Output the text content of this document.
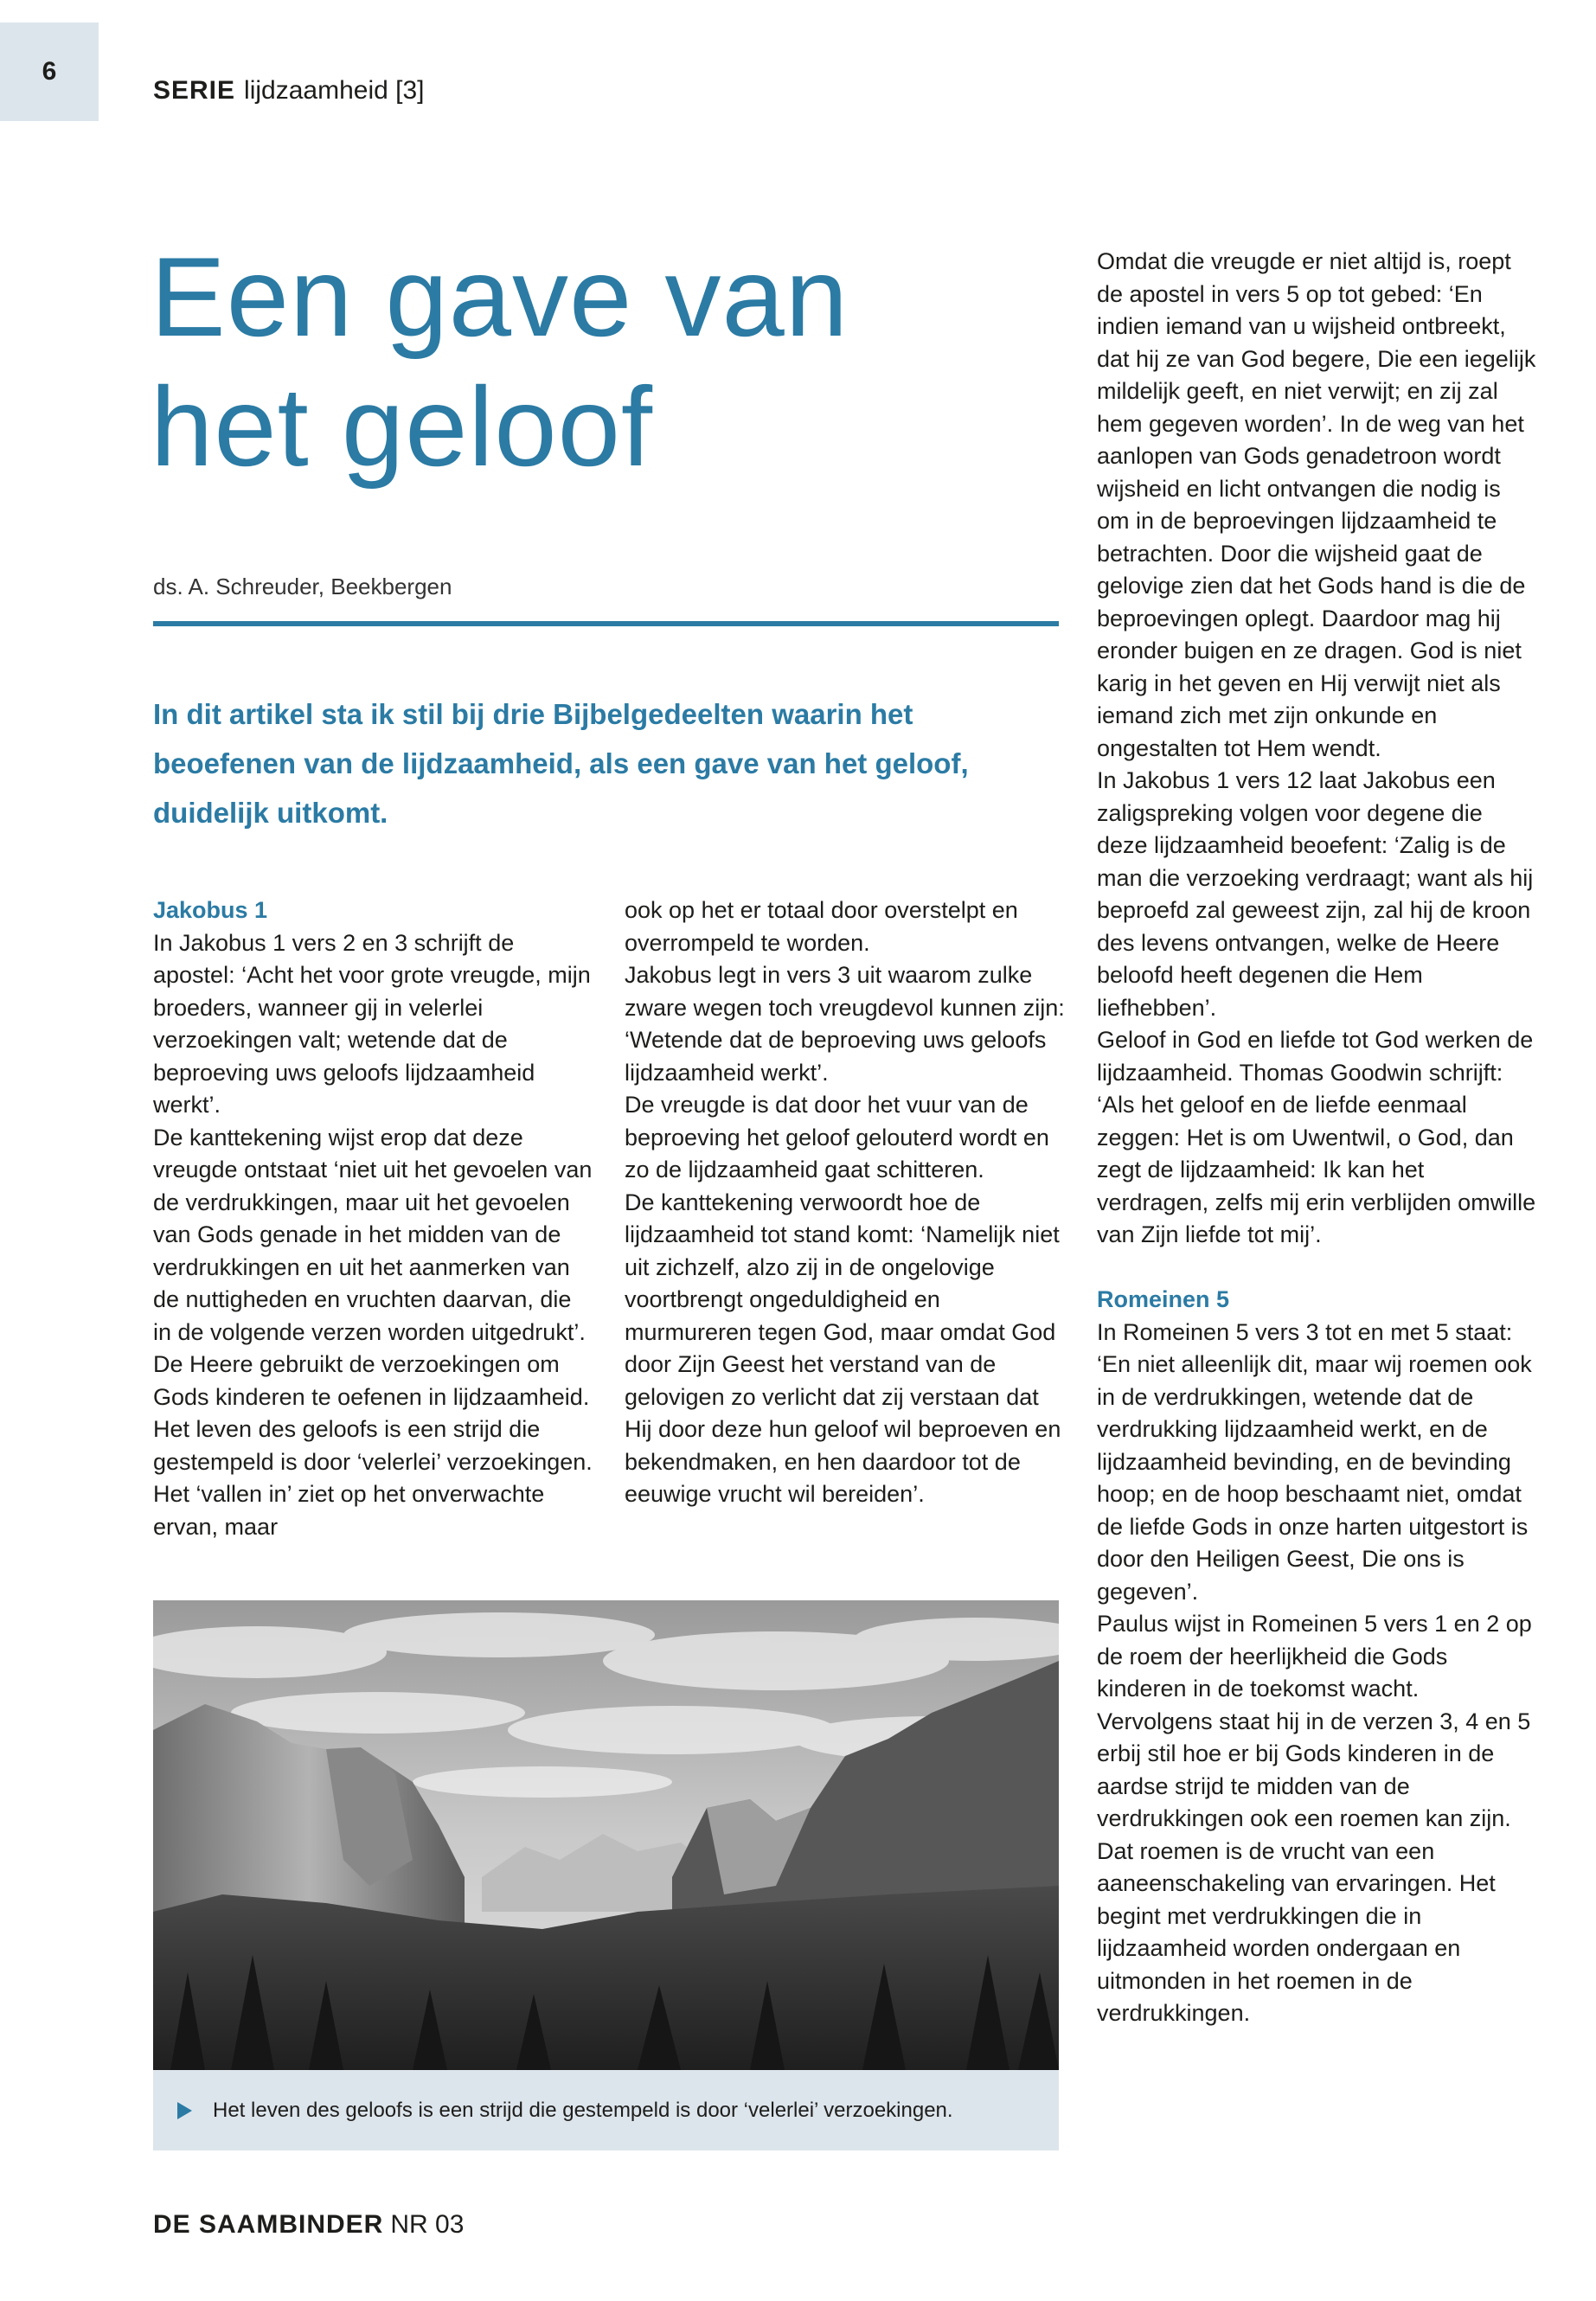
6
SERIE lijdzaamheid [3]
Een gave van
het geloof
ds. A. Schreuder, Beekbergen

In dit artikel sta ik stil bij drie Bijbelgedeelten waarin het beoefenen van de lijdzaamheid, als een gave van het geloof, duidelijk uitkomt.

Jakobus 1

In Jakobus 1 vers 2 en 3 schrijft de apostel: ‘Acht het voor grote vreugde, mijn broeders, wanneer gij in velerlei verzoekingen valt; wetende dat de beproeving uws geloofs lijdzaamheid werkt’.

De kanttekening wijst erop dat deze vreugde ontstaat ‘niet uit het gevoelen van de verdrukkingen, maar uit het gevoelen van Gods genade in het midden van de verdrukkingen en uit het aanmerken van de nuttigheden en vruchten daarvan, die in de volgende verzen worden uitgedrukt’.

De Heere gebruikt de verzoekingen om Gods kinderen te oefenen in lijdzaamheid. Het leven des geloofs is een strijd die gestempeld is door ‘velerlei’ verzoekingen. Het ‘vallen in’ ziet op het onverwachte ervan, maar

ook op het er totaal door overstelpt en overrompeld te worden.

Jakobus legt in vers 3 uit waarom zulke zware wegen toch vreugdevol kunnen zijn: ‘Wetende dat de beproeving uws geloofs lijdzaamheid werkt’.

De vreugde is dat door het vuur van de beproeving het geloof gelouterd wordt en zo de lijdzaamheid gaat schitteren.

De kanttekening verwoordt hoe de lijdzaamheid tot stand komt: ‘Namelijk niet uit zichzelf, alzo zij in de ongelovige voortbrengt ongeduldigheid en murmureren tegen God, maar omdat God door Zijn Geest het verstand van de gelovigen zo verlicht dat zij verstaan dat Hij door deze hun geloof wil beproeven en bekendmaken, en hen daardoor tot de eeuwige vrucht wil bereiden’.

Omdat die vreugde er niet altijd is, roept de apostel in vers 5 op tot gebed: ‘En indien iemand van u wijsheid ontbreekt, dat hij ze van God begere, Die een iegelijk mildelijk geeft, en niet verwijt; en zij zal hem gegeven worden’. In de weg van het aanlopen van Gods genadetroon wordt wijsheid en licht ontvangen die nodig is om in de beproevingen lijdzaamheid te betrachten. Door die wijsheid gaat de gelovige zien dat het Gods hand is die de beproevingen oplegt. Daardoor mag hij eronder buigen en ze dragen. God is niet karig in het geven en Hij verwijt niet als iemand zich met zijn onkunde en ongestalten tot Hem wendt.

In Jakobus 1 vers 12 laat Jakobus een zaligspreking volgen voor degene die deze lijdzaamheid beoefent: ‘Zalig is de man die verzoeking verdraagt; want als hij beproefd zal geweest zijn, zal hij de kroon des levens ontvangen, welke de Heere beloofd heeft degenen die Hem liefhebben’.

Geloof in God en liefde tot God werken de lijdzaamheid. Thomas Goodwin schrijft: ‘Als het geloof en de liefde eenmaal zeggen: Het is om Uwentwil, o God, dan zegt de lijdzaamheid: Ik kan het verdragen, zelfs mij erin verblijden omwille van Zijn liefde tot mij’.

Romeinen 5

In Romeinen 5 vers 3 tot en met 5 staat: ‘En niet alleenlijk dit, maar wij roemen ook in de verdrukkingen, wetende dat de verdrukking lijdzaamheid werkt, en de lijdzaamheid bevinding, en de bevinding hoop; en de hoop beschaamt niet, omdat de liefde Gods in onze harten uitgestort is door den Heiligen Geest, Die ons is gegeven’.

Paulus wijst in Romeinen 5 vers 1 en 2 op de roem der heerlijkheid die Gods kinderen in de toekomst wacht. Vervolgens staat hij in de verzen 3, 4 en 5 erbij stil hoe er bij Gods kinderen in de aardse strijd te midden van de verdrukkingen ook een roemen kan zijn. Dat roemen is de vrucht van een aaneenschakeling van ervaringen. Het begint met verdrukkingen die in lijdzaamheid worden ondergaan en uitmonden in het roemen in de verdrukkingen.

Het leven des geloofs is een strijd die gestempeld is door ‘velerlei’ verzoekingen.
DE SAAMBINDER NR 03
